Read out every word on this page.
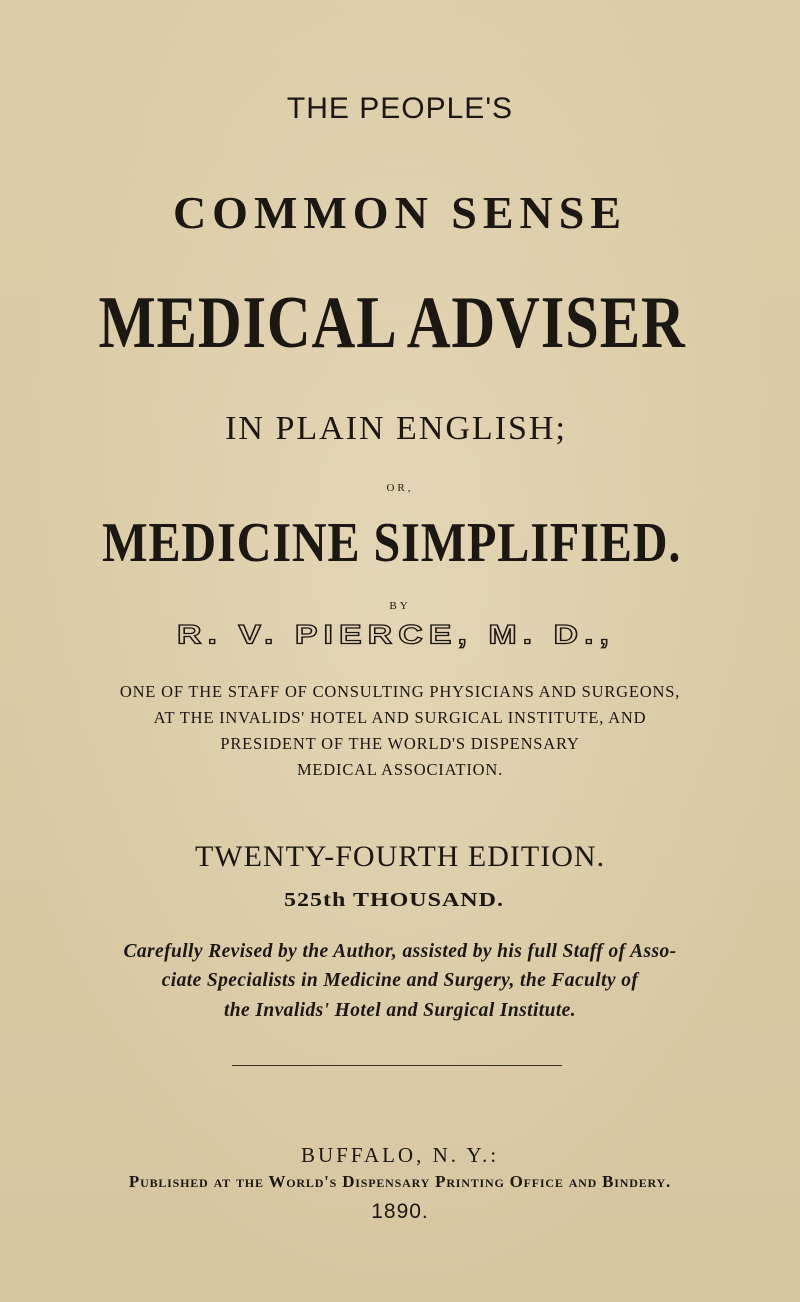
THE PEOPLE'S
COMMON SENSE
MEDICAL ADVISER
IN PLAIN ENGLISH;
OR,
MEDICINE SIMPLIFIED.
BY
R. V. PIERCE, M. D.,
ONE OF THE STAFF OF CONSULTING PHYSICIANS AND SURGEONS,
AT THE INVALIDS' HOTEL AND SURGICAL INSTITUTE, AND
PRESIDENT OF THE WORLD'S DISPENSARY
MEDICAL ASSOCIATION.
TWENTY-FOURTH EDITION.
525th THOUSAND.
Carefully Revised by the Author, assisted by his full Staff of Asso-
ciate Specialists in Medicine and Surgery, the Faculty of
the Invalids' Hotel and Surgical Institute.
BUFFALO, N. Y.:
Published at the World's Dispensary Printing Office and Bindery.
1890.
